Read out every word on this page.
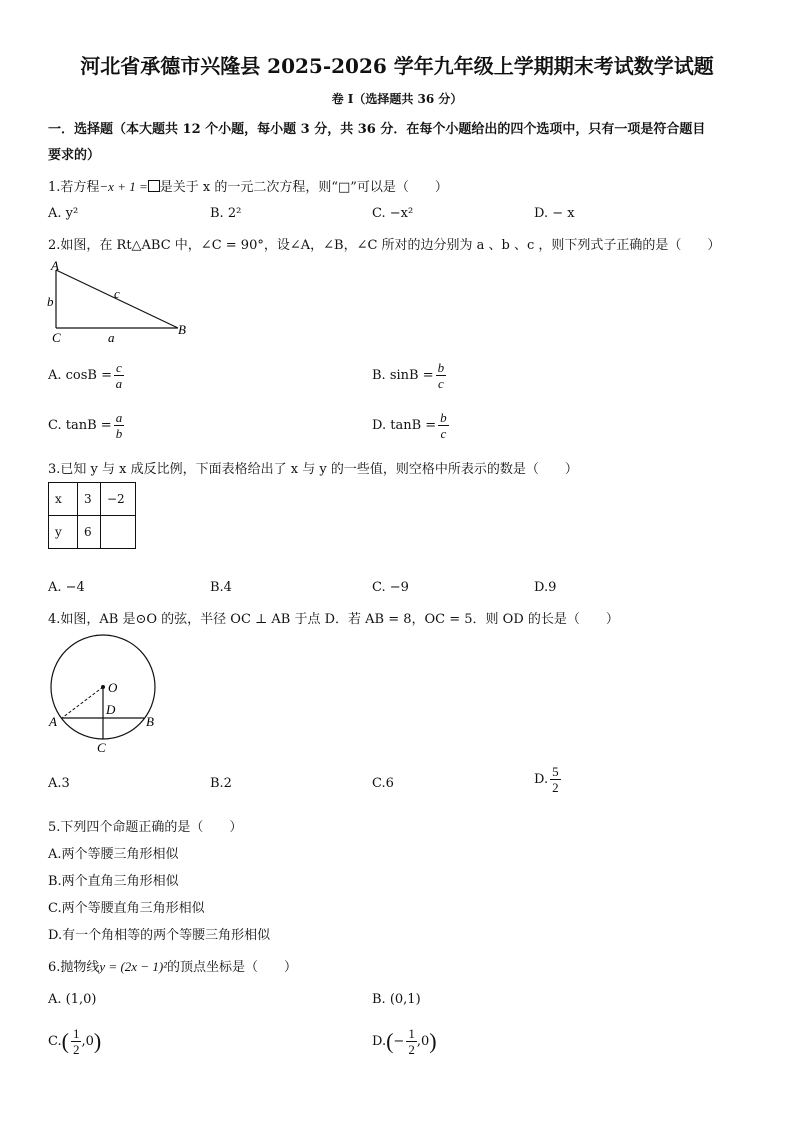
河北省承德市兴隆县 2025-2026 学年九年级上学期期末考试数学试题
卷 I（选择题共 36 分）
一．选择题（本大题共 12 个小题，每小题 3 分，共 36 分．在每个小题给出的四个选项中，只有一项是符合题目
要求的）
1.若方程−x + 1 = 是关于 x 的一元二次方程，则“□”可以是（　　）
A. y²	B. 2²	C. −x²	D. − x
2.如图，在 Rt△ABC 中，∠C = 90°，设∠A，∠B，∠C 所对的边分别为 a 、b 、c ，则下列式子正确的是（　　）
A
b
c
C	a
B
A. $\cos B = \frac{c}{a}$	B. $\sin B = \frac{b}{c}$
C. $\tan B = \frac{a}{b}$	D. $\tan B = \frac{b}{c}$
3.已知 y 与 x 成反比例，下面表格给出了 x 与 y 的一些值，则空格中所表示的数是（　　）
x	3	−2
y	6	
A. −4	B.4	C. −9	D.9
4.如图，AB 是⊙O 的弦，半径 OC ⊥ AB 于点 D．若 AB = 8，OC = 5．则 OD 的长是（　　）
O
D
A	B
C
A.3	B.2	C.6	D. $\frac{5}{2}$
5.下列四个命题正确的是（　　）
A.两个等腰三角形相似
B.两个直角三角形相似
C.两个等腰直角三角形相似
D.有一个角相等的两个等腰三角形相似
6.抛物线y = (2x − 1)²的顶点坐标是（　　）
A. (1,0)	B. (0,1)
$C.( \frac{1}{2} ,0)$	$D.(- \frac{1}{2} ,0)$
